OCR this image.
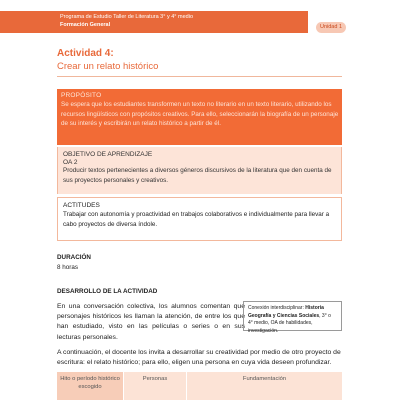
Programa de Estudio Taller de Literatura 3° y 4° medio
Formación General	Unidad 1
Actividad 4:
Crear un relato histórico
PROPÓSITO
Se espera que los estudiantes transformen un texto no literario en un texto literario, utilizando los recursos lingüísticos con propósitos creativos. Para ello, seleccionarán la biografía de un personaje de su interés y escribirán un relato histórico a partir de él.
OBJETIVO DE APRENDIZAJE
OA 2
Producir textos pertenecientes a diversos géneros discursivos de la literatura que den cuenta de sus proyectos personales y creativos.
ACTITUDES
Trabajar con autonomía y proactividad en trabajos colaborativos e individualmente para llevar a cabo proyectos de diversa índole.
DURACIÓN
8 horas
DESARROLLO DE LA ACTIVIDAD
En una conversación colectiva, los alumnos comentan qué personajes históricos les llaman la atención, de entre los que han estudiado, visto en las películas o series o en sus lecturas personales.
Conexión interdisciplinar: Historia Geografía y Ciencias Sociales, 3° o 4° medio, OA de habilidades, investigación.
A continuación, el docente los invita a desarrollar su creatividad por medio de otro proyecto de escritura: el relato histórico; para ello, eligen una persona en cuya vida deseen profundizar.
Hito o período histórico escogido
Personas	Fundamentación
